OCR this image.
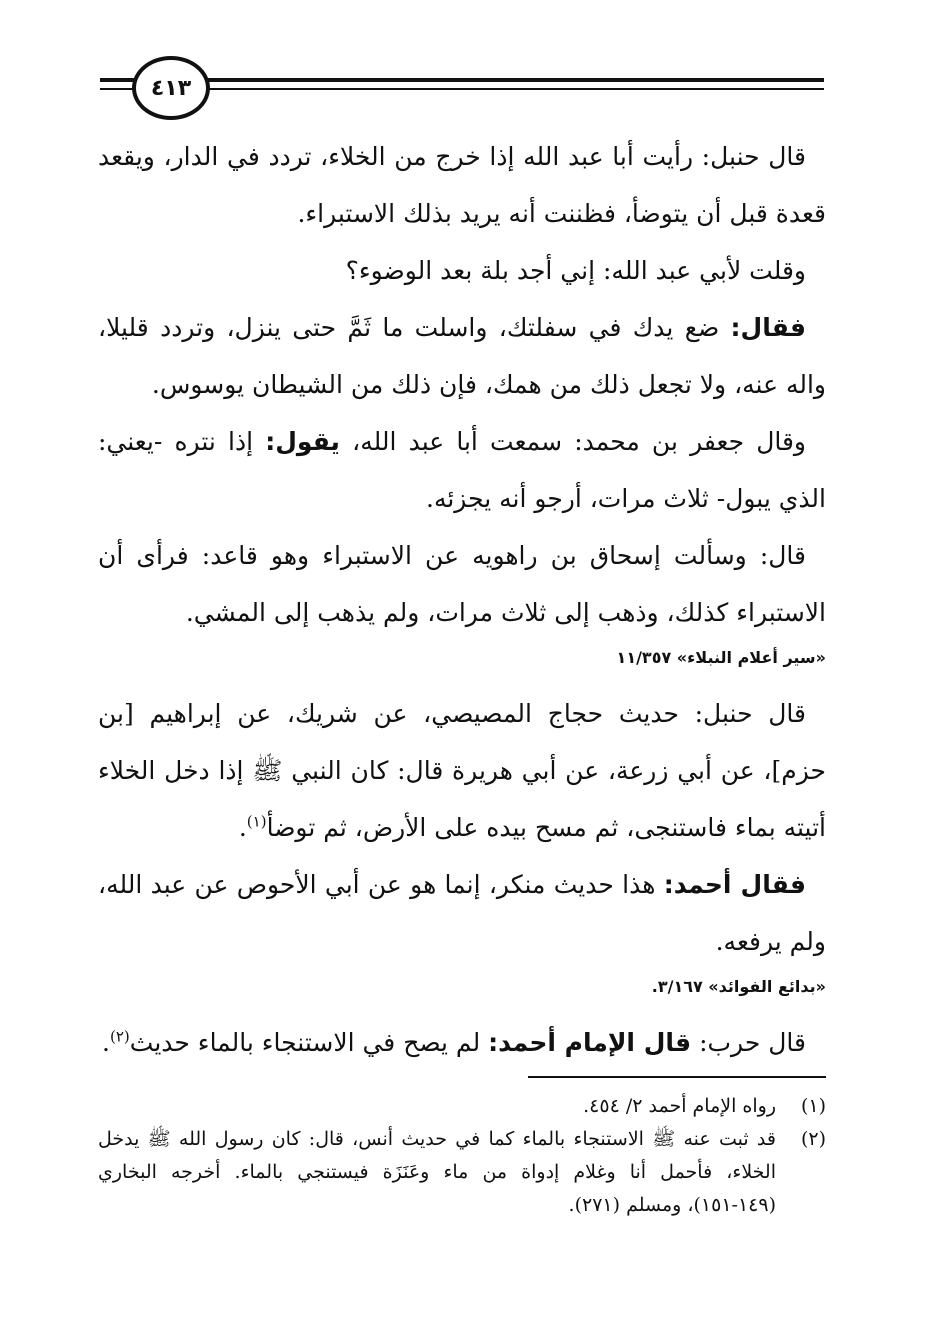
٤١٣

قال حنبل: رأيت أبا عبد الله إذا خرج من الخلاء، تردد في الدار، ويقعد قعدة قبل أن يتوضأ، فظننت أنه يريد بذلك الاستبراء.

وقلت لأبي عبد الله: إني أجد بلة بعد الوضوء؟

فقال: ضع يدك في سفلتك، واسلت ما ثَمَّ حتى ينزل، وتردد قليلا، واله عنه، ولا تجعل ذلك من همك، فإن ذلك من الشيطان يوسوس.

وقال جعفر بن محمد: سمعت أبا عبد الله، يقول: إذا نتره -يعني: الذي يبول- ثلاث مرات، أرجو أنه يجزئه.

قال: وسألت إسحاق بن راهويه عن الاستبراء وهو قاعد: فرأى أن الاستبراء كذلك، وذهب إلى ثلاث مرات، ولم يذهب إلى المشي.

«سير أعلام النبلاء» ١١/٣٥٧

قال حنبل: حديث حجاج المصيصي، عن شريك، عن إبراهيم [بن حزم]، عن أبي زرعة، عن أبي هريرة قال: كان النبي ﷺ إذا دخل الخلاء أتيته بماء فاستنجى، ثم مسح بيده على الأرض، ثم توضأ$^{(١)}$.

فقال أحمد: هذا حديث منكر، إنما هو عن أبي الأحوص عن عبد الله، ولم يرفعه.

«بدائع الفوائد» ٣/١٦٧.

قال حرب: قال الإمام أحمد: لم يصح في الاستنجاء بالماء حديث$^{(٢)}$.

(١)
رواه الإمام أحمد ٢/ ٤٥٤.

(٢)
قد ثبت عنه ﷺ الاستنجاء بالماء كما في حديث أنس، قال: كان رسول الله ﷺ يدخل الخلاء، فأحمل أنا وغلام إدواة من ماء وعَنَزَة فيستنجي بالماء. أخرجه البخاري (١٤٩-١٥١)، ومسلم (٢٧١).
